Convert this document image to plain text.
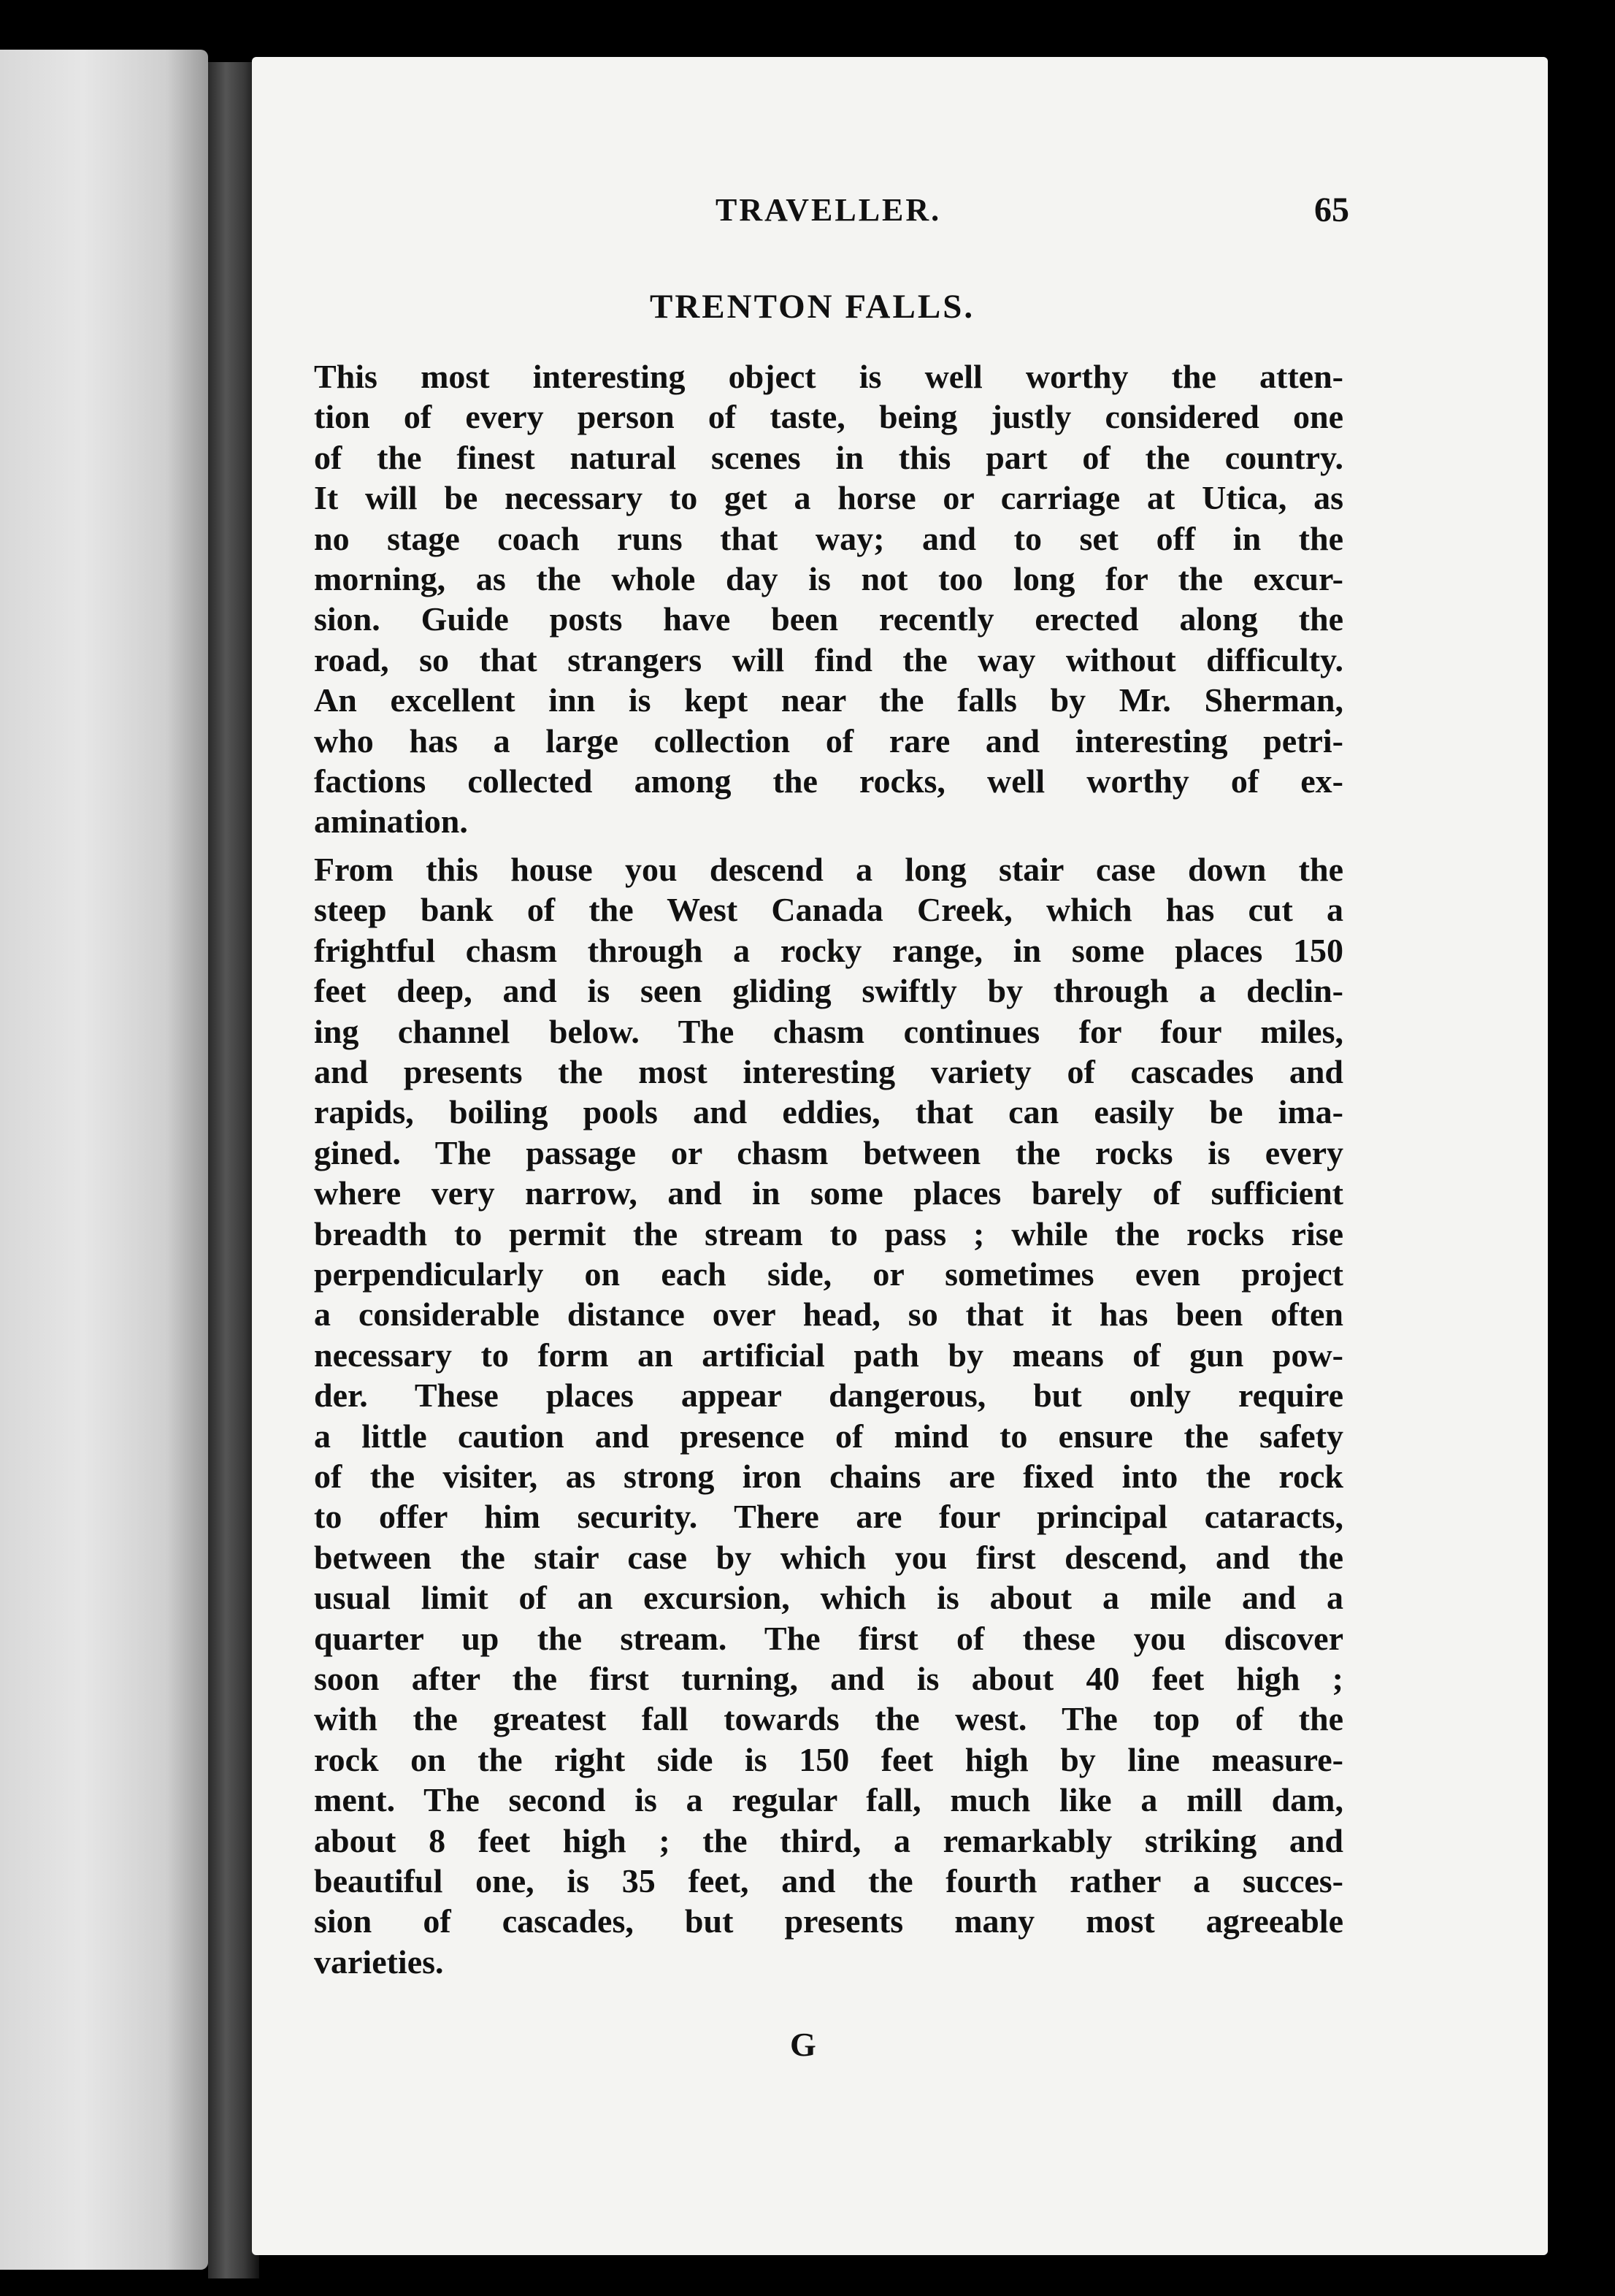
TRAVELLER.	65
TRENTON FALLS.
This most interesting object is well worthy the atten-
tion of every person of taste, being justly considered one
of the finest natural scenes in this part of the country.
It will be necessary to get a horse or carriage at Utica, as
no stage coach runs that way; and to set off in the
morning, as the whole day is not too long for the excur-
sion. Guide posts have been recently erected along the
road, so that strangers will find the way without difficulty.
An excellent inn is kept near the falls by Mr. Sherman,
who has a large collection of rare and interesting petri-
factions collected among the rocks, well worthy of ex-
amination.
From this house you descend a long stair case down the
steep bank of the West Canada Creek, which has cut a
frightful chasm through a rocky range, in some places 150
feet deep, and is seen gliding swiftly by through a declin-
ing channel below. The chasm continues for four miles,
and presents the most interesting variety of cascades and
rapids, boiling pools and eddies, that can easily be ima-
gined. The passage or chasm between the rocks is every
where very narrow, and in some places barely of sufficient
breadth to permit the stream to pass ; while the rocks rise
perpendicularly on each side, or sometimes even project
a considerable distance over head, so that it has been often
necessary to form an artificial path by means of gun pow-
der. These places appear dangerous, but only require
a little caution and presence of mind to ensure the safety
of the visiter, as strong iron chains are fixed into the rock
to offer him security. There are four principal cataracts,
between the stair case by which you first descend, and the
usual limit of an excursion, which is about a mile and a
quarter up the stream. The first of these you discover
soon after the first turning, and is about 40 feet high ;
with the greatest fall towards the west. The top of the
rock on the right side is 150 feet high by line measure-
ment. The second is a regular fall, much like a mill dam,
about 8 feet high ; the third, a remarkably striking and
beautiful one, is 35 feet, and the fourth rather a succes-
sion of cascades, but presents many most agreeable
varieties.
G
